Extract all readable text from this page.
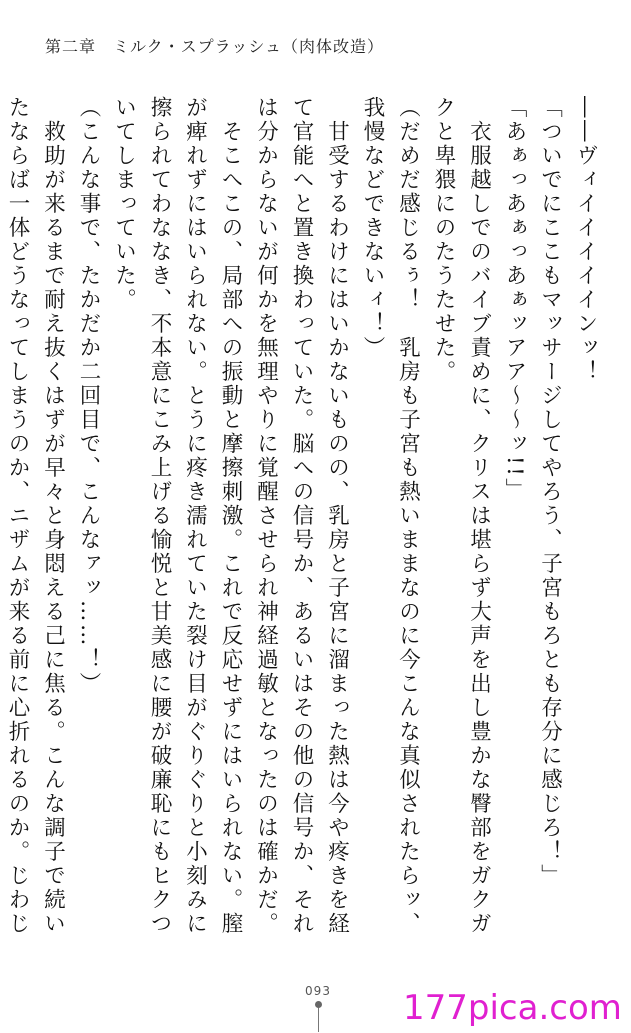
第二章　ミルク・スプラッシュ（肉体改造）

――ヴィイイイイインッ！

「ついでにここもマッサージしてやろう、子宮もろとも存分に感じろ！」

「あぁっあぁっあぁッアア〜〜ッ!!」

　衣服越しでのバイブ責めに、クリスは堪らず大声を出し豊かな臀部をガクガクと卑猥にのたうたせた。

（だめだ感じるぅ！　乳房も子宮も熱いままなのに今こんな真似されたらッ、我慢などできないィ！）

　甘受するわけにはいかないものの、乳房と子宮に溜まった熱は今や疼きを経て官能へと置き換わっていた。脳への信号か、あるいはその他の信号か、それは分からないが何かを無理やりに覚醒させられ神経過敏となったのは確かだ。

　そこへこの、局部への振動と摩擦刺激。これで反応せずにはいられない。膣が痺れずにはいられない。とうに疼き濡れていた裂け目がぐりぐりと小刻みに擦られてわななき、不本意にこみ上げる愉悦と甘美感に腰が破廉恥にもヒクついてしまっていた。

（こんな事で、たかだか二回目で、こんなァッ……！）

　救助が来るまで耐え抜くはずが早々と身悶える己に焦る。こんな調子で続いたならば一体どうなってしまうのか、ニザムが来る前に心折れるのか。じわじ

093 177pica.com
